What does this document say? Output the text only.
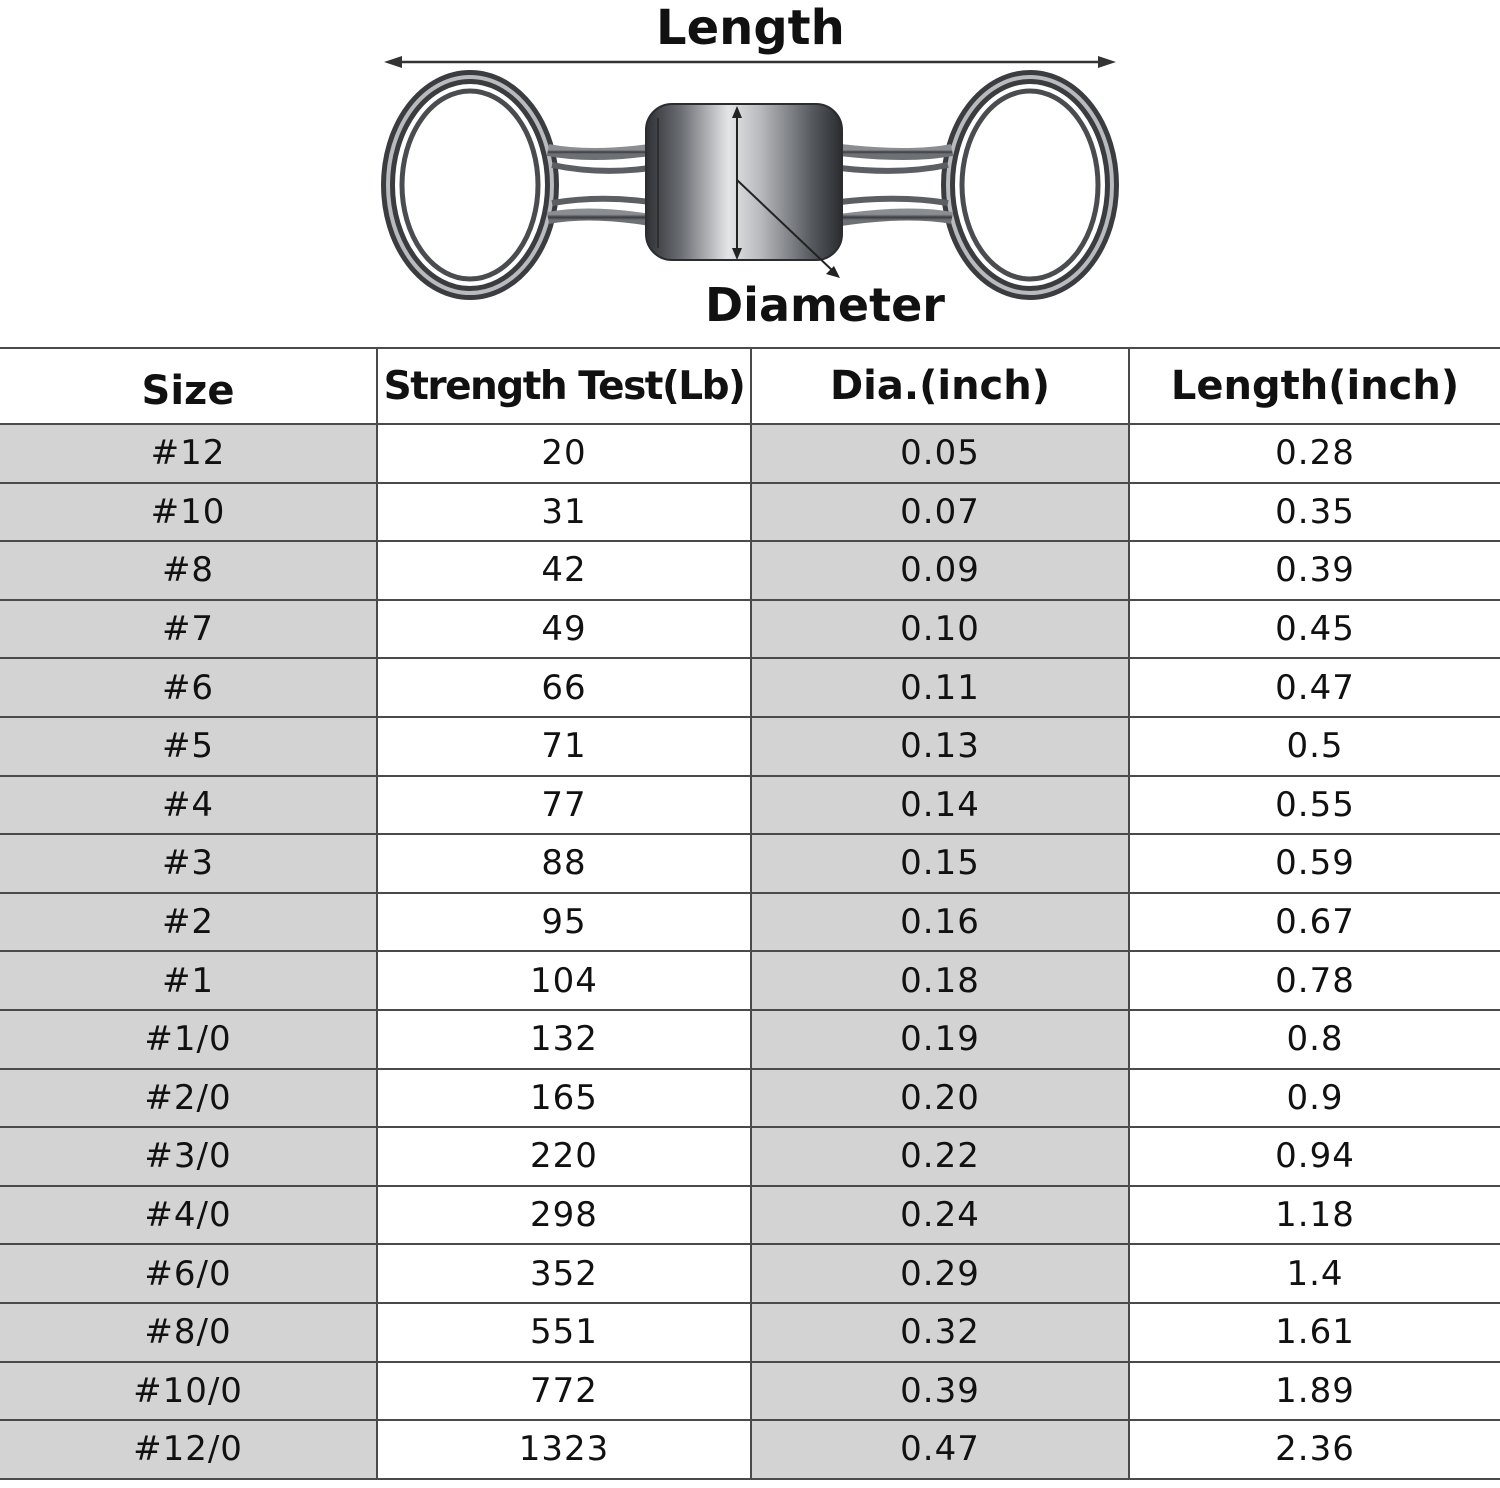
Length
Diameter
Size	Strength Test(Lb)	Dia.(inch)	Length(inch)
#12	20	0.05	0.28
#10	31	0.07	0.35
#8	42	0.09	0.39
#7	49	0.10	0.45
#6	66	0.11	0.47
#5	71	0.13	0.5
#4	77	0.14	0.55
#3	88	0.15	0.59
#2	95	0.16	0.67
#1	104	0.18	0.78
#1/0	132	0.19	0.8
#2/0	165	0.20	0.9
#3/0	220	0.22	0.94
#4/0	298	0.24	1.18
#6/0	352	0.29	1.4
#8/0	551	0.32	1.61
#10/0	772	0.39	1.89
#12/0	1323	0.47	2.36
